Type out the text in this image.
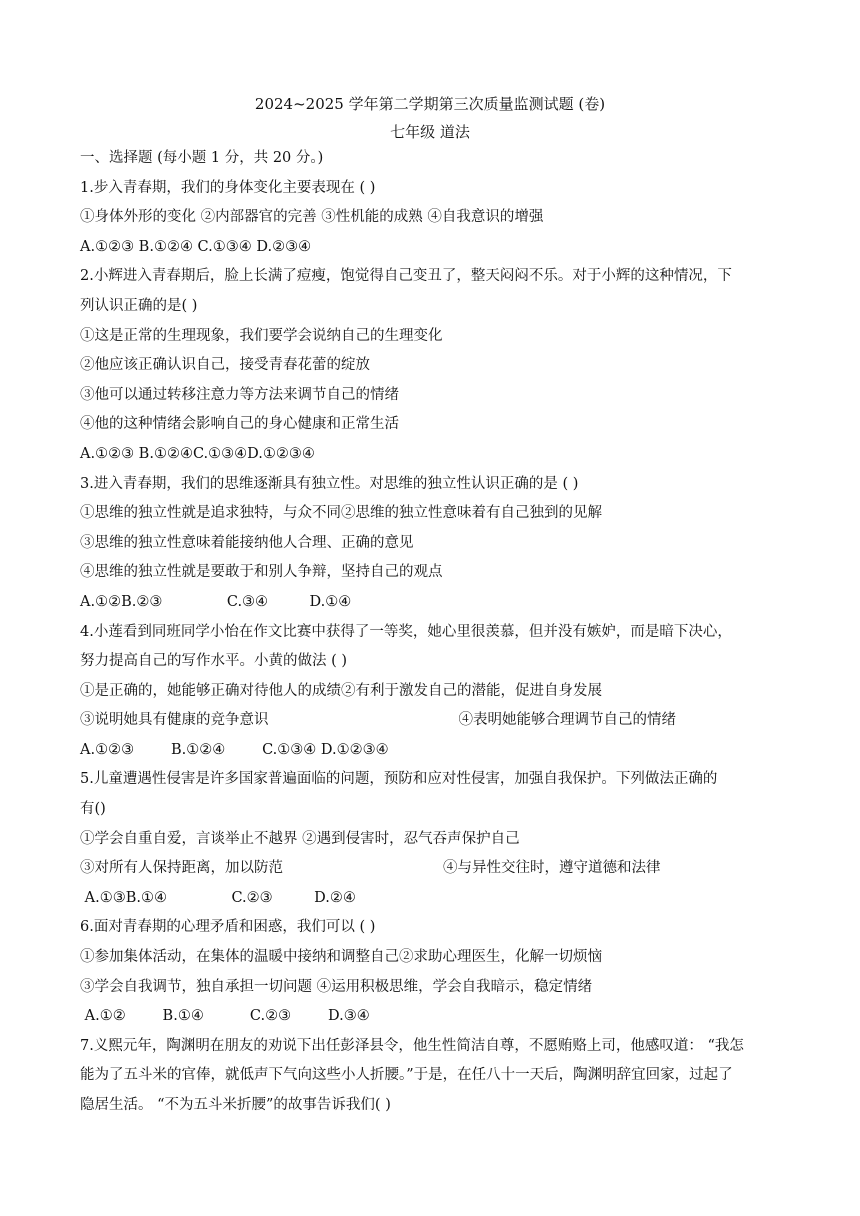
2024~2025 学年第二学期第三次质量监测试题 (卷)
七年级 道法
一、选择题 (每小题 1 分，共 20 分。)
1.步入青春期，我们的身体变化主要表现在 ( )
①身体外形的变化 ②内部器官的完善 ③性机能的成熟 ④自我意识的增强
A.①②③ B.①②④ C.①③④ D.②③④
2.小辉进入青春期后，脸上长满了痘瘦，饱觉得自己变丑了，整天闷闷不乐。对于小辉的这种情况，下
列认识正确的是( )
①这是正常的生理现象，我们要学会说纳自己的生理变化
②他应该正确认识自己，接受青春花蕾的绽放
③他可以通过转移注意力等方法来调节自己的情绪
④他的这种情绪会影响自己的身心健康和正常生活
A.①②③ B.①②④C.①③④D.①②③④
3.进入青春期，我们的思维逐渐具有独立性。对思维的独立性认识正确的是 ( )
①思维的独立性就是追求独特，与众不同②思维的独立性意味着有自己独到的见解
③思维的独立性意味着能接纳他人合理、正确的意见
④思维的独立性就是要敢于和别人争辩，坚持自己的观点
A.①②B.②③              C.③④         D.①④
4.小莲看到同班同学小怡在作文比赛中获得了一等奖，她心里很羡慕，但并没有嫉妒，而是暗下决心，
努力提高自己的写作水平。小黄的做法 ( )
①是正确的，她能够正确对待他人的成绩②有利于激发自己的潜能，促进自身发展
③说明她具有健康的竞争意识	④表明她能够合理调节自己的情绪
A.①②③        B.①②④        C.①③④ D.①②③④
5.儿童遭遇性侵害是许多国家普遍面临的问题，预防和应对性侵害，加强自我保护。下列做法正确的
有()
①学会自重自爱，言谈举止不越界 ②遇到侵害时，忍气吞声保护自己
③对所有人保持距离，加以防范	④与异性交往时，遵守道德和法律
A.①③B.①④              C.②③         D.②④
6.面对青春期的心理矛盾和困惑，我们可以 ( )
①参加集体活动，在集体的温暖中接纳和调整自己②求助心理医生，化解一切烦恼
③学会自我调节，独自承担一切问题 ④运用积极思维，学会自我暗示，稳定情绪
A.①②        B.①④          C.②③        D.③④
7.义熙元年，陶渊明在朋友的劝说下出任彭泽县令，他生性简洁自尊，不愿贿赂上司，他感叹道： “我怎
能为了五斗米的官俸，就低声下气向这些小人折腰。”于是，在任八十一天后，陶渊明辞宜回家，过起了
隐居生活。 “不为五斗米折腰”的故事告诉我们( )
